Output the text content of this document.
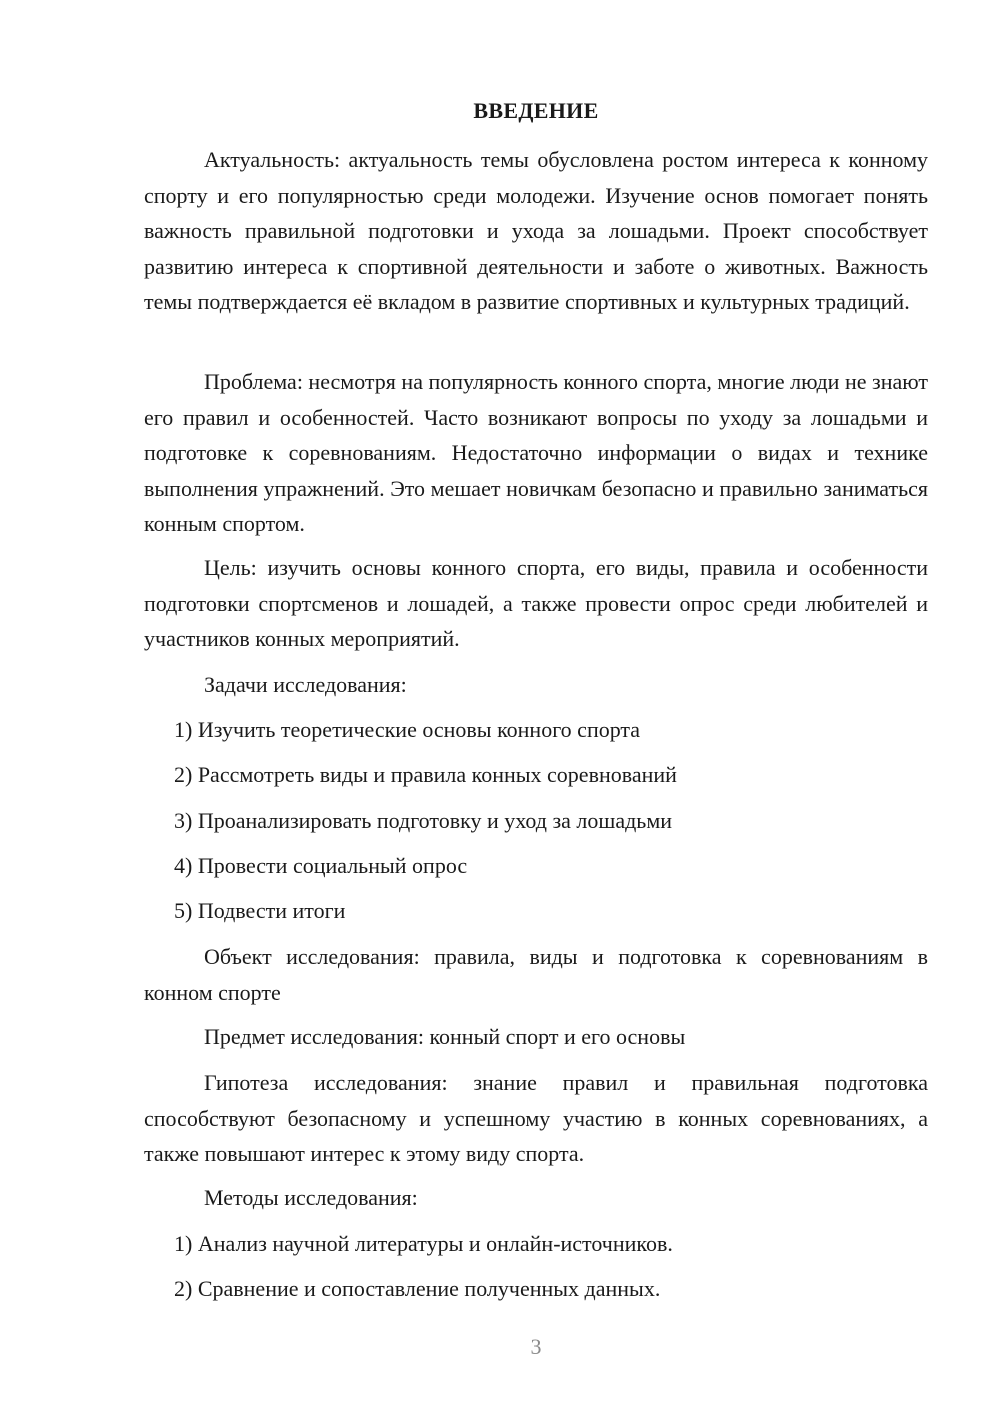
ВВЕДЕНИЕ

Актуальность: актуальность темы обусловлена ростом интереса к конному спорту и его популярностью среди молодежи. Изучение основ помогает понять важность правильной подготовки и ухода за лошадьми. Проект способствует развитию интереса к спортивной деятельности и заботе о животных. Важность темы подтверждается её вкладом в развитие спортивных и культурных традиций.

Проблема: несмотря на популярность конного спорта, многие люди не знают его правил и особенностей. Часто возникают вопросы по уходу за лошадьми и подготовке к соревнованиям. Недостаточно информации о видах и технике выполнения упражнений. Это мешает новичкам безопасно и правильно заниматься конным спортом.

Цель: изучить основы конного спорта, его виды, правила и особенности подготовки спортсменов и лошадей, а также провести опрос среди любителей и участников конных мероприятий.

Задачи исследования:

1) Изучить теоретические основы конного спорта

2) Рассмотреть виды и правила конных соревнований

3) Проанализировать подготовку и уход за лошадьми

4) Провести социальный опрос

5) Подвести итоги

Объект исследования: правила, виды и подготовка к соревнованиям в конном спорте

Предмет исследования: конный спорт и его основы

Гипотеза исследования: знание правил и правильная подготовка способствуют безопасному и успешному участию в конных соревнованиях, а также повышают интерес к этому виду спорта.

Методы исследования:

1) Анализ научной литературы и онлайн-источников.

2) Сравнение и сопоставление полученных данных.

3
